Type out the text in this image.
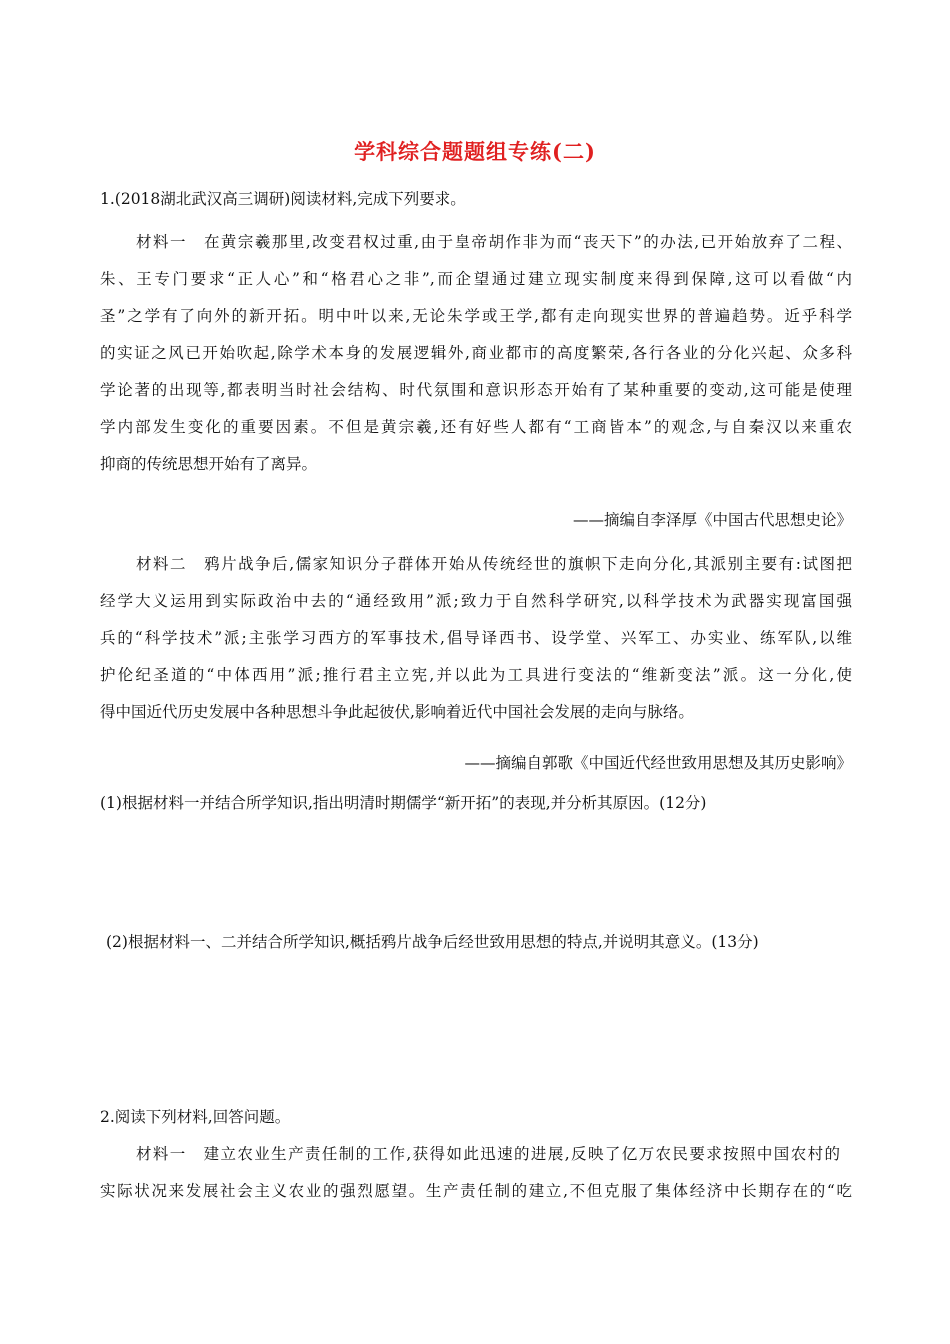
学科综合题题组专练(二)
1.(2018湖北武汉高三调研)阅读材料,完成下列要求。
材料一　在黄宗羲那里,改变君权过重,由于皇帝胡作非为而“丧天下”的办法,已开始放弃了二程、
朱、王专门要求“正人心”和“格君心之非”,而企望通过建立现实制度来得到保障,这可以看做“内
圣”之学有了向外的新开拓。明中叶以来,无论朱学或王学,都有走向现实世界的普遍趋势。近乎科学
的实证之风已开始吹起,除学术本身的发展逻辑外,商业都市的高度繁荣,各行各业的分化兴起、众多科
学论著的出现等,都表明当时社会结构、时代氛围和意识形态开始有了某种重要的变动,这可能是使理
学内部发生变化的重要因素。不但是黄宗羲,还有好些人都有“工商皆本”的观念,与自秦汉以来重农
抑商的传统思想开始有了离异。
——摘编自李泽厚《中国古代思想史论》
材料二　鸦片战争后,儒家知识分子群体开始从传统经世的旗帜下走向分化,其派别主要有:试图把
经学大义运用到实际政治中去的“通经致用”派;致力于自然科学研究,以科学技术为武器实现富国强
兵的“科学技术”派;主张学习西方的军事技术,倡导译西书、设学堂、兴军工、办实业、练军队,以维
护伦纪圣道的“中体西用”派;推行君主立宪,并以此为工具进行变法的“维新变法”派。这一分化,使
得中国近代历史发展中各种思想斗争此起彼伏,影响着近代中国社会发展的走向与脉络。
——摘编自郭歌《中国近代经世致用思想及其历史影响》
(1)根据材料一并结合所学知识,指出明清时期儒学“新开拓”的表现,并分析其原因。(12分)
(2)根据材料一、二并结合所学知识,概括鸦片战争后经世致用思想的特点,并说明其意义。(13分)
2.阅读下列材料,回答问题。
材料一　建立农业生产责任制的工作,获得如此迅速的进展,反映了亿万农民要求按照中国农村的
实际状况来发展社会主义农业的强烈愿望。生产责任制的建立,不但克服了集体经济中长期存在的“吃
